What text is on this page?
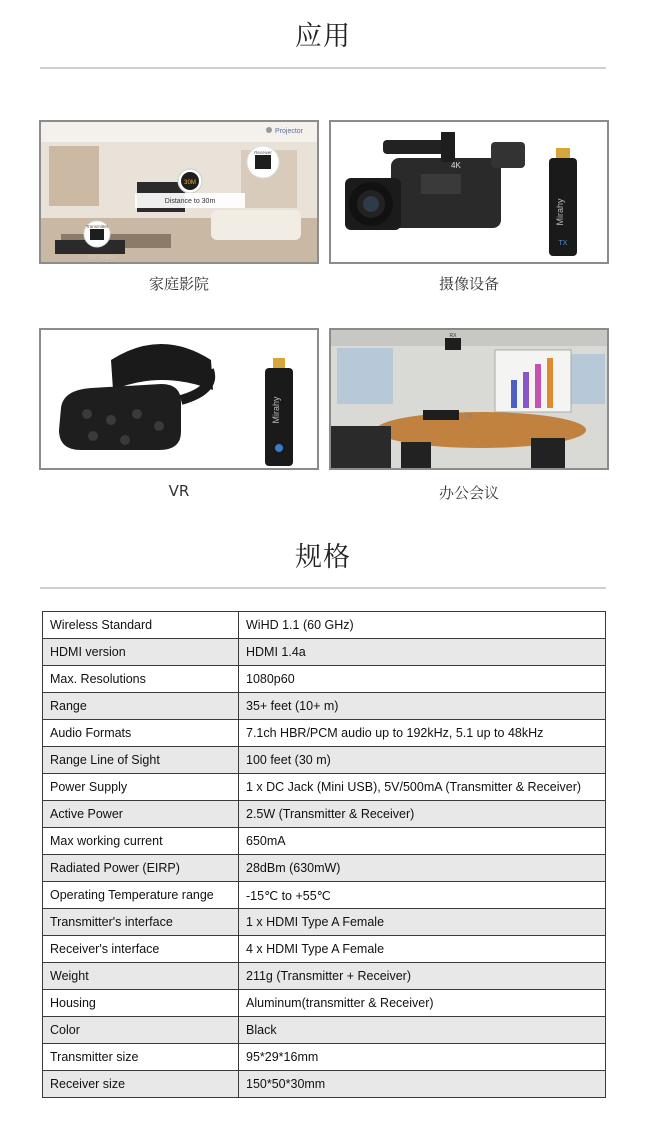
应用
Projector
30M
Distance to 30m
Receiver
Transmitter
HD TV BOX
家庭影院
4K
Mirahy
TX
摄像设备
Mirahy
VR
RX
TX
办公会议
规格
Wireless Standard	WiHD 1.1 (60 GHz)
HDMI version	HDMI 1.4a
Max. Resolutions	1080p60
Range	35+ feet (10+ m)
Audio Formats	7.1ch HBR/PCM audio up to 192kHz, 5.1 up to 48kHz
Range Line of Sight	100 feet (30 m)
Power Supply	1 x DC Jack (Mini USB), 5V/500mA (Transmitter & Receiver)
Active Power	2.5W (Transmitter & Receiver)
Max working current	650mA
Radiated Power (EIRP)	28dBm (630mW)
Operating Temperature range	-15℃ to +55℃
Transmitter's interface	1 x HDMI Type A Female
Receiver's interface	4 x HDMI Type A Female
Weight	211g (Transmitter + Receiver)
Housing	Aluminum(transmitter & Receiver)
Color	Black
Transmitter size	95*29*16mm
Receiver size	150*50*30mm
